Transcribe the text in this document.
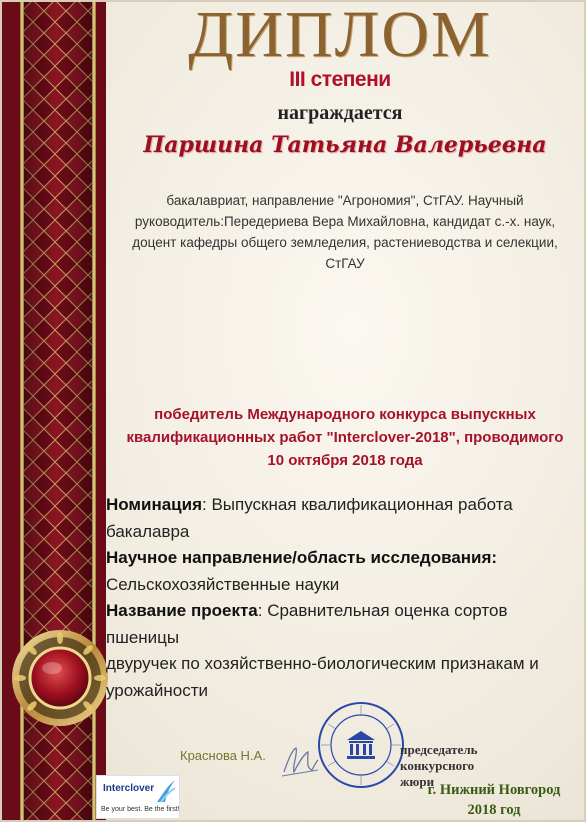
ДИПЛОМ
III степени
награждается
Паршина Татьяна Валерьевна
бакалавриат, направление "Агрономия", СтГАУ. Научный руководитель:Передериева Вера Михайловна, кандидат с.-х. наук, доцент кафедры общего земледелия, растениеводства и селекции, СтГАУ
победитель Международного конкурса выпускных квалификационных работ "Interclover-2018", проводимого 10 октября 2018 года
Номинация: Выпускная квалификационная работа бакалавра
Научное направление/область исследования:
Сельскохозяйственные науки
Название проекта: Сравнительная оценка сортов пшеницы
двуручек по хозяйственно-биологическим признакам и урожайности
Interclover
Be your best. Be the first!
Краснова Н.А.	председатель
конкурсного жюри
г. Нижний Новгород
2018 год
